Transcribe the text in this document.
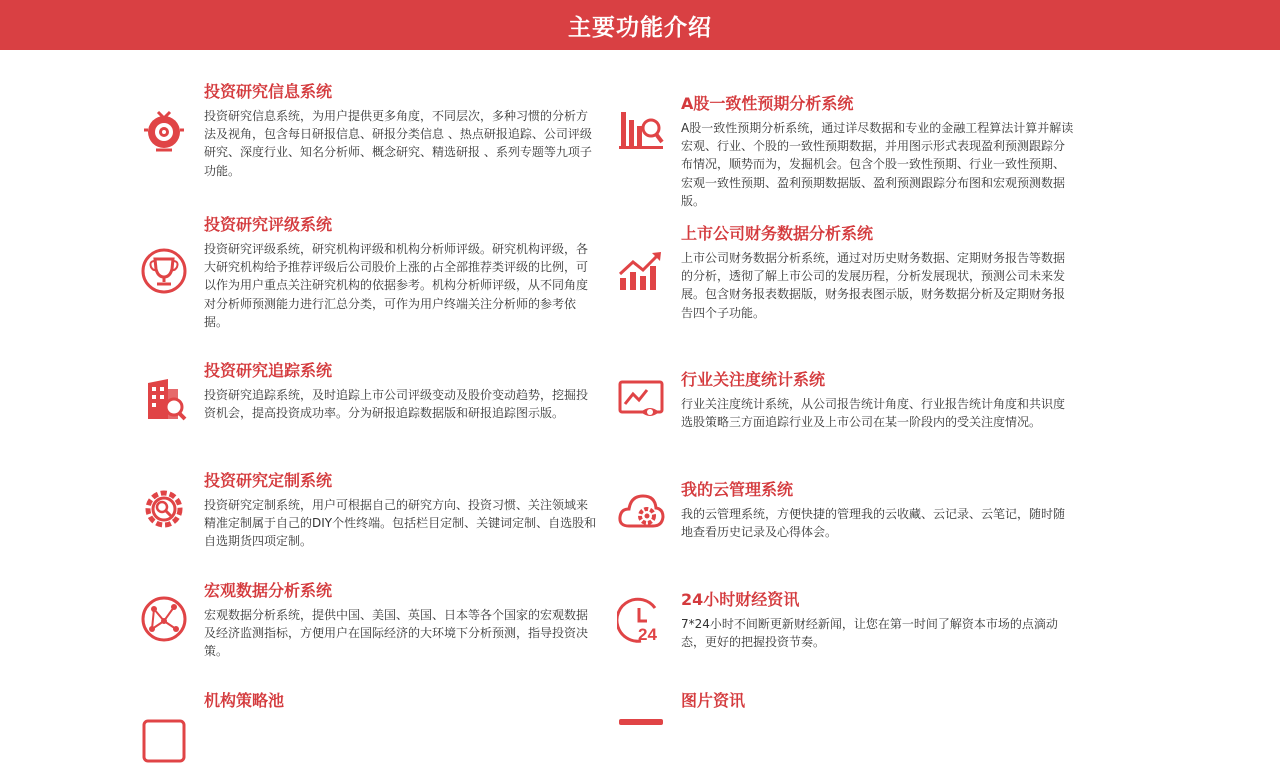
主要功能介绍
投资研究信息系统
投资研究信息系统，为用户提供更多角度，不同层次，多种习惯的分析方法及视角，包含每日研报信息、研报分类信息 、热点研报追踪、公司评级研究、深度行业、知名分析师、概念研究、精选研报 、系列专题等九项子功能。
A股一致性预期分析系统
A股一致性预期分析系统，通过详尽数据和专业的金融工程算法计算并解读宏观、行业、个股的一致性预期数据，并用图示形式表现盈利预测跟踪分布情况，顺势而为，发掘机会。包含个股一致性预期、行业一致性预期、宏观一致性预期、盈利预期数据版、盈利预测跟踪分布图和宏观预测数据版。
投资研究评级系统
投资研究评级系统，研究机构评级和机构分析师评级。研究机构评级，各大研究机构给予推荐评级后公司股价上涨的占全部推荐类评级的比例，可以作为用户重点关注研究机构的依据参考。机构分析师评级，从不同角度对分析师预测能力进行汇总分类，可作为用户终端关注分析师的参考依据。
上市公司财务数据分析系统
上市公司财务数据分析系统，通过对历史财务数据、定期财务报告等数据的分析，透彻了解上市公司的发展历程，分析发展现状，预测公司未来发展。包含财务报表数据版，财务报表图示版，财务数据分析及定期财务报告四个子功能。
投资研究追踪系统
投资研究追踪系统，及时追踪上市公司评级变动及股价变动趋势，挖掘投资机会，提高投资成功率。分为研报追踪数据版和研报追踪图示版。
行业关注度统计系统
行业关注度统计系统，从公司报告统计角度、行业报告统计角度和共识度选股策略三方面追踪行业及上市公司在某一阶段内的受关注度情况。
投资研究定制系统
投资研究定制系统，用户可根据自己的研究方向、投资习惯、关注领域来精准定制属于自己的DIY个性终端。包括栏目定制、关键词定制、自选股和自选期货四项定制。
我的云管理系统
我的云管理系统，方便快捷的管理我的云收藏、云记录、云笔记，随时随地查看历史记录及心得体会。
宏观数据分析系统
宏观数据分析系统，提供中国、美国、英国、日本等各个国家的宏观数据及经济监测指标，方便用户在国际经济的大环境下分析预测，指导投资决策。
24
24小时财经资讯
7*24小时不间断更新财经新闻，让您在第一时间了解资本市场的点滴动态，更好的把握投资节奏。
机构策略池	图片资讯
